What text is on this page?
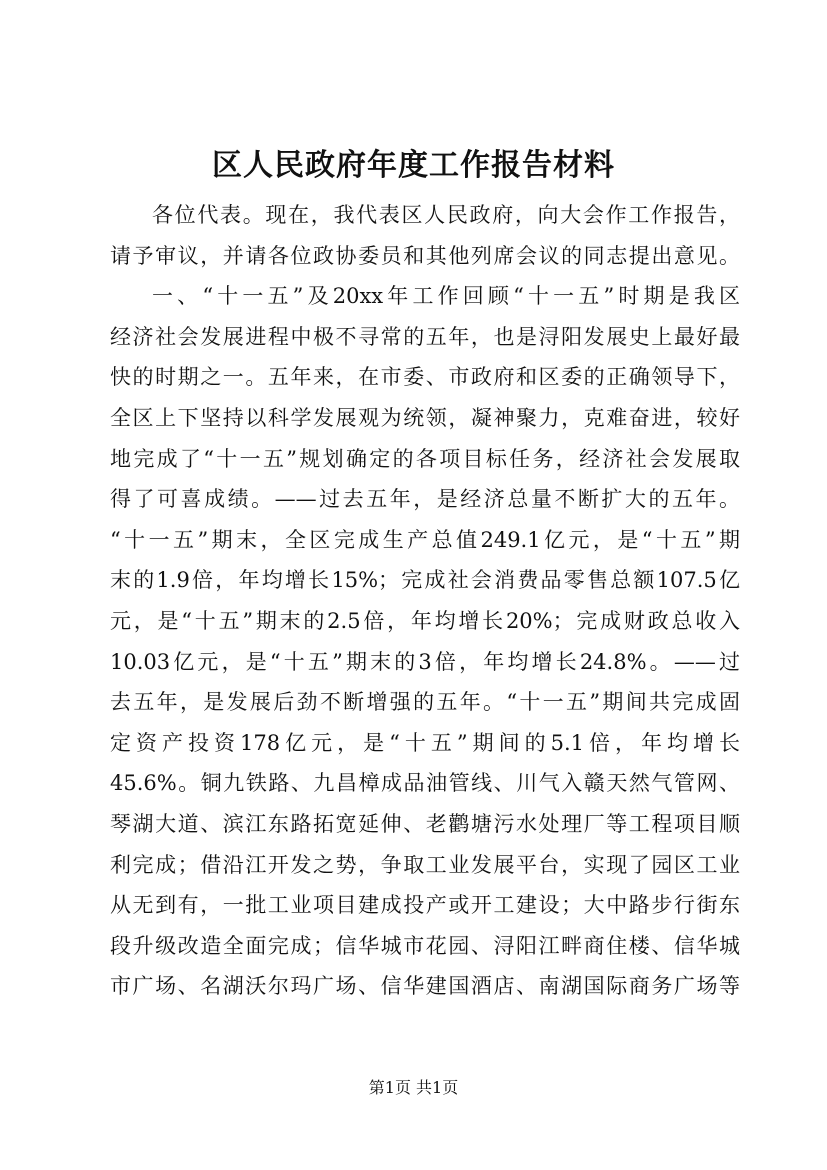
区人民政府年度工作报告材料
各位代表。现在，我代表区人民政府，向大会作工作报告，
请予审议，并请各位政协委员和其他列席会议的同志提出意见。
一、“十一五”及20xx年工作回顾“十一五”时期是我区
经济社会发展进程中极不寻常的五年，也是浔阳发展史上最好最
快的时期之一。五年来，在市委、市政府和区委的正确领导下，
全区上下坚持以科学发展观为统领，凝神聚力，克难奋进，较好
地完成了“十一五”规划确定的各项目标任务，经济社会发展取
得了可喜成绩。——过去五年，是经济总量不断扩大的五年。
“十一五”期末，全区完成生产总值249.1亿元，是“十五”期
末的1.9倍，年均增长15%；完成社会消费品零售总额107.5亿
元，是“十五”期末的2.5倍，年均增长20%；完成财政总收入
10.03亿元，是“十五”期末的3倍，年均增长24.8%。——过
去五年，是发展后劲不断增强的五年。“十一五”期间共完成固
定资产投资178亿元，是“十五”期间的5.1倍，年均增长
45.6%。铜九铁路、九昌樟成品油管线、川气入赣天然气管网、
琴湖大道、滨江东路拓宽延伸、老鹳塘污水处理厂等工程项目顺
利完成；借沿江开发之势，争取工业发展平台，实现了园区工业
从无到有，一批工业项目建成投产或开工建设；大中路步行街东
段升级改造全面完成；信华城市花园、浔阳江畔商住楼、信华城
市广场、名湖沃尔玛广场、信华建国酒店、南湖国际商务广场等
第1页 共1页
